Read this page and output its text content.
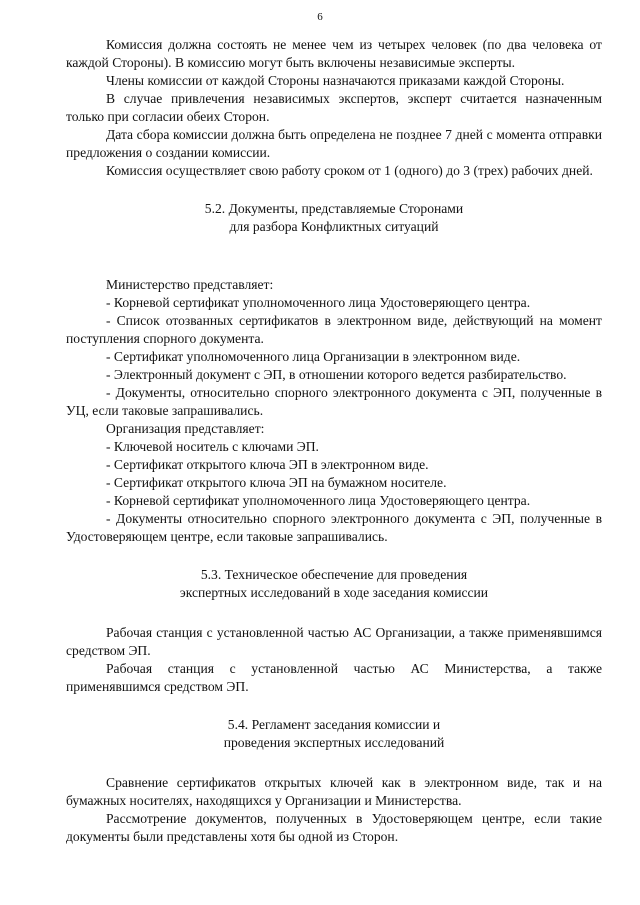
6

Комиссия должна состоять не менее чем из четырех человек (по два человека от каждой Стороны). В комиссию могут быть включены независимые эксперты.

Члены комиссии от каждой Стороны назначаются приказами каждой Стороны.

В случае привлечения независимых экспертов, эксперт считается назначенным только при согласии обеих Сторон.

Дата сбора комиссии должна быть определена не позднее 7 дней с момента отправки предложения о создании комиссии.

Комиссия осуществляет свою работу сроком от 1 (одного) до 3 (трех) рабочих дней.

5.2. Документы, представляемые Сторонами
для разбора Конфликтных ситуаций

Министерство представляет:

- Корневой сертификат уполномоченного лица Удостоверяющего центра.

- Список отозванных сертификатов в электронном виде, действующий на момент поступления спорного документа.

- Сертификат уполномоченного лица Организации в электронном виде.

- Электронный документ с ЭП, в отношении которого ведется разбирательство.

- Документы, относительно спорного электронного документа с ЭП, полученные в УЦ, если таковые запрашивались.

Организация представляет:

- Ключевой носитель с ключами ЭП.

- Сертификат открытого ключа ЭП в электронном виде.

- Сертификат открытого ключа ЭП на бумажном носителе.

- Корневой сертификат уполномоченного лица Удостоверяющего центра.

- Документы относительно спорного электронного документа с ЭП, полученные в Удостоверяющем центре, если таковые запрашивались.

5.3. Техническое обеспечение для проведения
экспертных исследований в ходе заседания комиссии

Рабочая станция с установленной частью АС Организации, а также применявшимся средством ЭП.

Рабочая станция с установленной частью АС Министерства, а также применявшимся средством ЭП.

5.4. Регламент заседания комиссии и
проведения экспертных исследований

Сравнение сертификатов открытых ключей как в электронном виде, так и на бумажных носителях, находящихся у Организации и Министерства.

Рассмотрение документов, полученных в Удостоверяющем центре, если такие документы были представлены хотя бы одной из Сторон.
